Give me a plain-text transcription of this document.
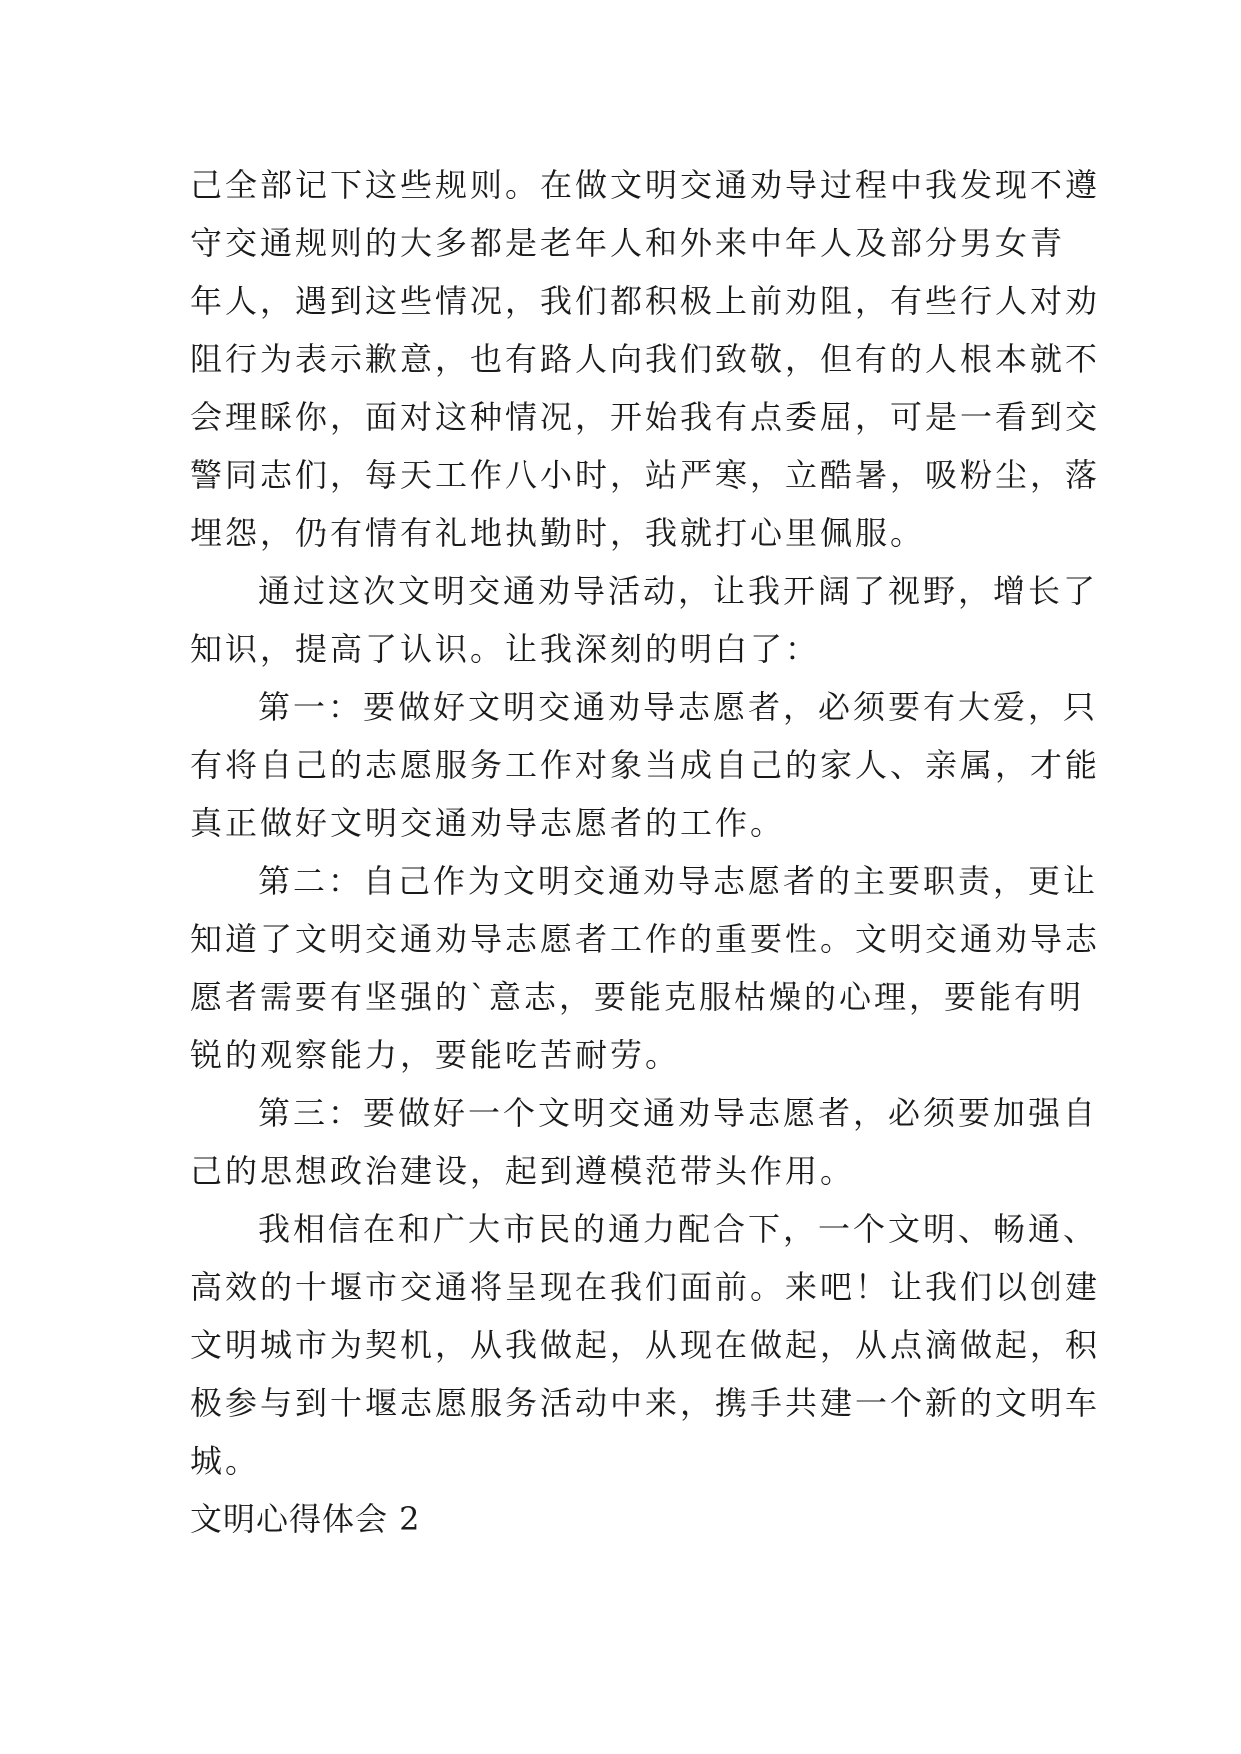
己全部记下这些规则。在做文明交通劝导过程中我发现不遵
守交通规则的大多都是老年人和外来中年人及部分男女青
年人，遇到这些情况，我们都积极上前劝阻，有些行人对劝
阻行为表示歉意，也有路人向我们致敬，但有的人根本就不
会理睬你，面对这种情况，开始我有点委屈，可是一看到交
警同志们，每天工作八小时，站严寒，立酷暑，吸粉尘，落
埋怨，仍有情有礼地执勤时，我就打心里佩服。
通过这次文明交通劝导活动，让我开阔了视野，增长了
知识，提高了认识。让我深刻的明白了：
第一：要做好文明交通劝导志愿者，必须要有大爱，只
有将自己的志愿服务工作对象当成自己的家人、亲属，才能
真正做好文明交通劝导志愿者的工作。
第二：自己作为文明交通劝导志愿者的主要职责，更让
知道了文明交通劝导志愿者工作的重要性。文明交通劝导志
愿者需要有坚强的`意志，要能克服枯燥的心理，要能有明
锐的观察能力，要能吃苦耐劳。
第三：要做好一个文明交通劝导志愿者，必须要加强自
己的思想政治建设，起到遵模范带头作用。
我相信在和广大市民的通力配合下，一个文明、畅通、
高效的十堰市交通将呈现在我们面前。来吧！让我们以创建
文明城市为契机，从我做起，从现在做起，从点滴做起，积
极参与到十堰志愿服务活动中来，携手共建一个新的文明车
城。
文明心得体会 2
